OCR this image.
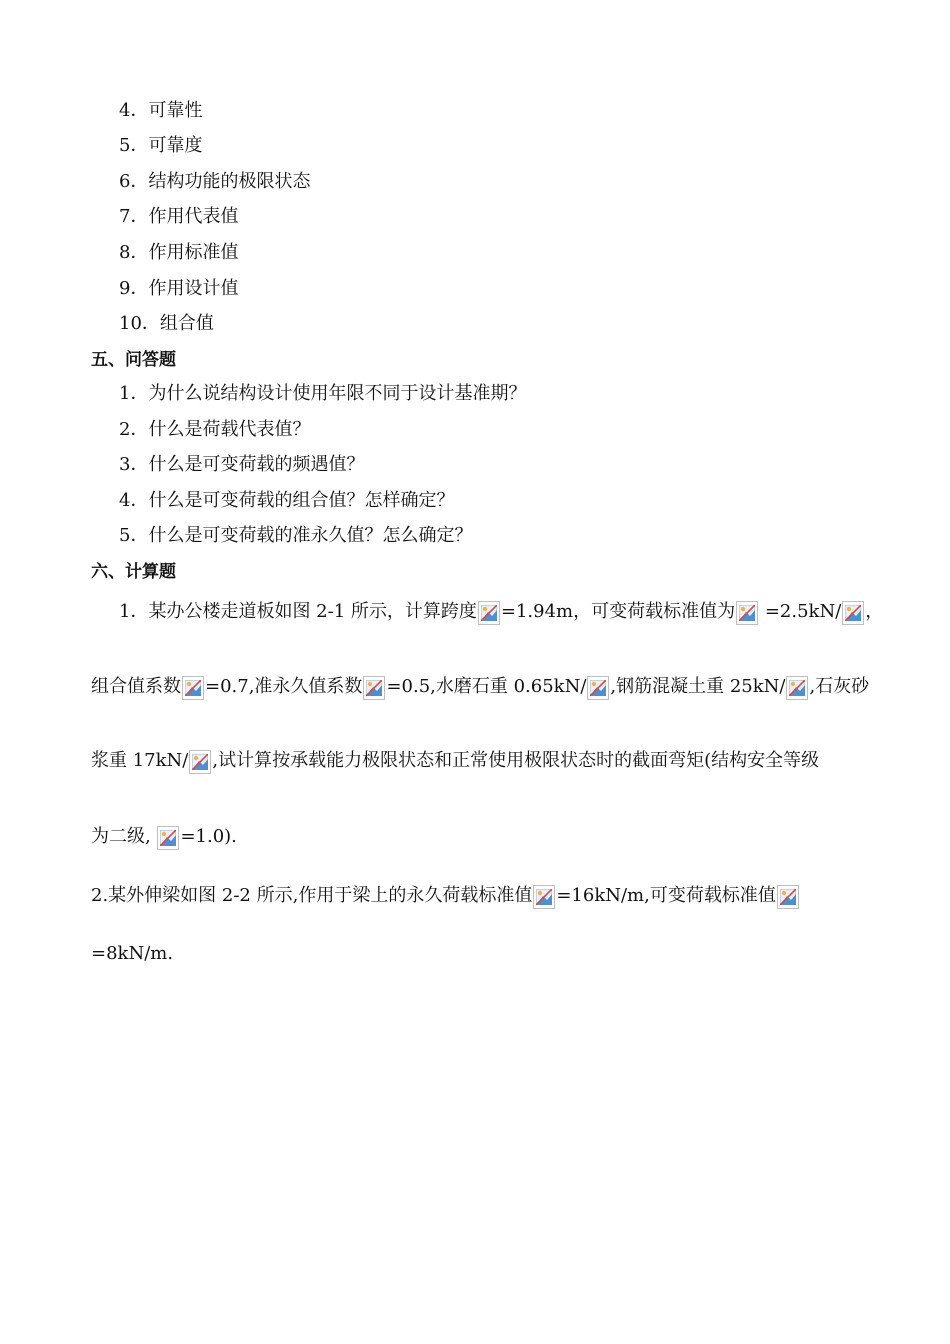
4．可靠性
5．可靠度
6．结构功能的极限状态
7．作用代表值
8．作用标准值
9．作用设计值
10．组合值
五、问答题
1．为什么说结构设计使用年限不同于设计基准期？
2．什么是荷载代表值？
3．什么是可变荷载的频遇值？
4．什么是可变荷载的组合值？怎样确定？
5．什么是可变荷载的准永久值？怎么确定？
六、计算题
1．某办公楼走道板如图 2-1 所示，计算跨度 =1.94m，可变荷载标准值为
=2.5kN/ ，
组合值系数 =0.7,准永久值系数 =0.5,水磨石重 0.65kN/ ,钢筋混凝土重 25kN/ ,石灰砂
浆重 17kN/ ,试计算按承载能力极限状态和正常使用极限状态时的截面弯矩(结构安全等级
为二级,
=1.0).
2.某外伸梁如图 2-2 所示,作用于梁上的永久荷载标准值 =16kN/m,可变荷载标准值
=8kN/m.
